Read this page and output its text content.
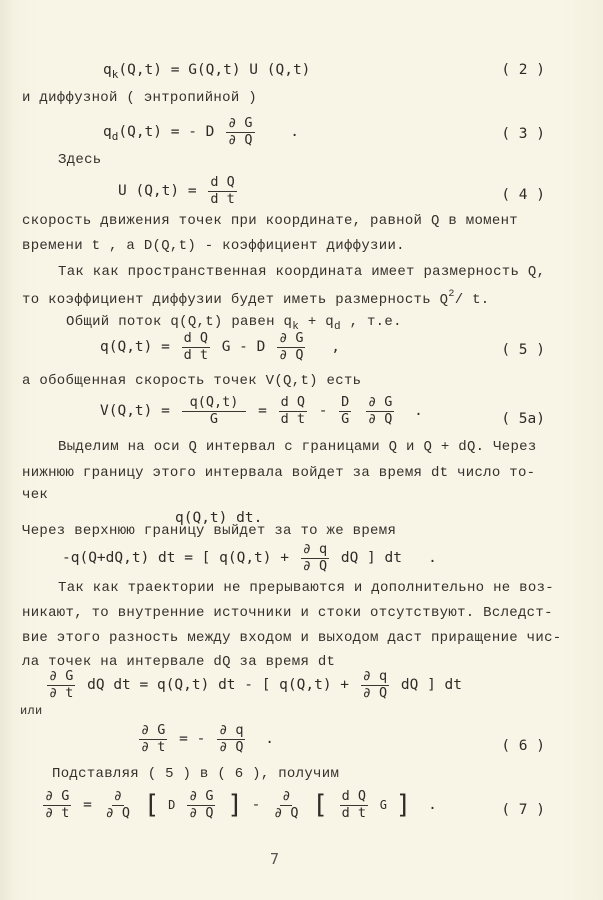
$q_k(Q,t) = G(Q,t)$ U (Q,t)	( 2 )
и диффузной ( энтропийной )
$q_d(Q,t)$ = - D $\frac{\partial G}{\partial Q}$ .	( 3 )
Здесь
U $(Q,t) = \frac{\text{d Q}}{\text{d t}}$	( 4 )
скорость движения точек при координате, равной Q в момент
времени t , а D(Q,t) - коэффициент диффузии.
Так как пространственная координата имеет размерность Q,
то коэффициент диффузии будет иметь размерность $Q^2/$ t.
Общий поток q(Q,t) равен $q_k + q_d$ , т.е.
$q(Q,t) = \frac{\text{d Q}}{\text{d t}}$ G - D $\frac{\partial G}{\partial Q}$ ,	( 5 )
а обобщенная скорость точек V(Q,t) есть
$V(Q,t) = \frac{q(Q,t)}{G} = \frac{\text{d Q}}{\text{d t}} - \frac{D}{G}$
$\frac{\partial G}{\partial Q}$ .	( 5a)
Выделим на оси Q интервал с границами Q и Q + dQ. Через
нижнюю границу этого интервала войдет за время dt число то-
чек
q(Q,t) dt.
Через верхнюю границу выйдет за то же время
-q(Q+dQ,t) dt = [ $q(Q,t) + \frac{\partial q}{\partial Q}$ dQ ] dt   .
Так как траектории не прерываются и дополнительно не воз-
никают, то внутренние источники и стоки отсутствуют. Вследст-
вие этого разность между входом и выходом даст приращение чис-
ла точек на интервале dQ за время dt
$\frac{\partial G}{\partial t}$ dQ dt = q(Q,t) dt - [ $q(Q,t) + \frac{\partial q}{\partial Q}$ dQ ] dt
или
$\frac{\partial G}{\partial t}$ = - $\frac{\partial q}{\partial Q}$ .	( 6 )
Подставляя ( 5 ) в ( 6 ), получим
$\frac{\partial G}{\partial t} = \frac{\partial}{\partial Q}$ [ D $\frac{\partial G}{\partial Q}$ ] - $\frac{\partial}{\partial Q}$ [ $\frac{\text{d Q}}{\text{d t}}$ G ] .	( 7 )
7
